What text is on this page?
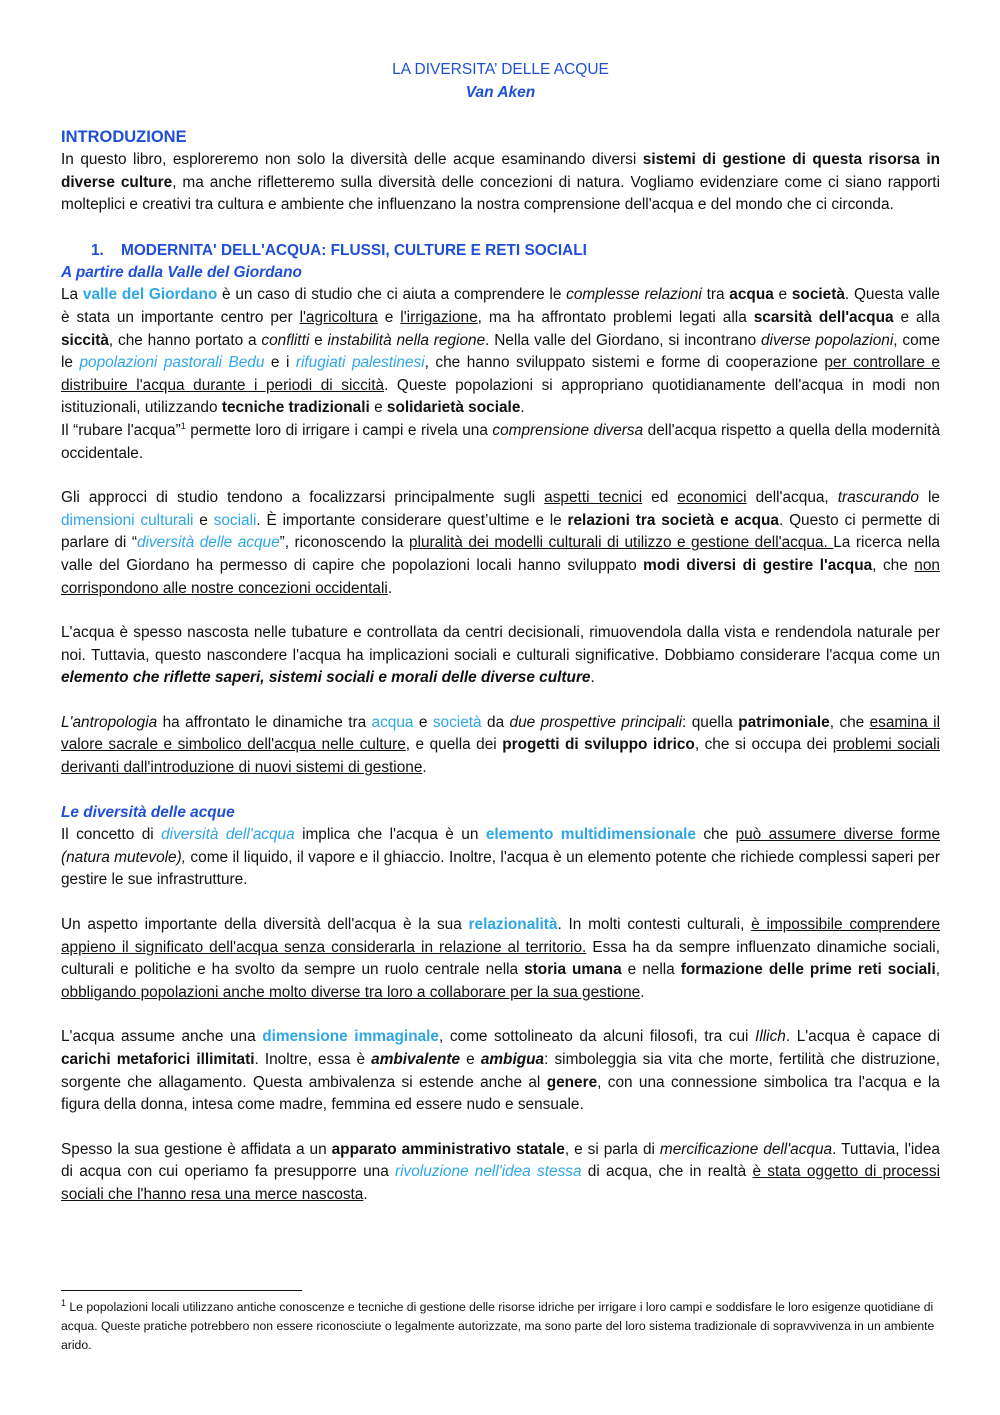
LA DIVERSITA’ DELLE ACQUE
Van Aken
INTRODUZIONE

In questo libro, esploreremo non solo la diversità delle acque esaminando diversi sistemi di gestione di questa risorsa in diverse culture, ma anche rifletteremo sulla diversità delle concezioni di natura. Vogliamo evidenziare come ci siano rapporti molteplici e creativi tra cultura e ambiente che influenzano la nostra comprensione dell'acqua e del mondo che ci circonda.

1. MODERNITA' DELL'ACQUA: FLUSSI, CULTURE E RETI SOCIALI
A partire dalla Valle del Giordano

La valle del Giordano è un caso di studio che ci aiuta a comprendere le complesse relazioni tra acqua e società. Questa valle è stata un importante centro per l'agricoltura e l'irrigazione, ma ha affrontato problemi legati alla scarsità dell'acqua e alla siccità, che hanno portato a conflitti e instabilità nella regione. Nella valle del Giordano, si incontrano diverse popolazioni, come le popolazioni pastorali Bedu e i rifugiati palestinesi, che hanno sviluppato sistemi e forme di cooperazione per controllare e distribuire l'acqua durante i periodi di siccità. Queste popolazioni si appropriano quotidianamente dell'acqua in modi non istituzionali, utilizzando tecniche tradizionali e solidarietà sociale.

Il “rubare l'acqua”$^1$ permette loro di irrigare i campi e rivela una comprensione diversa dell'acqua rispetto a quella della modernità occidentale.

Gli approcci di studio tendono a focalizzarsi principalmente sugli aspetti tecnici ed economici dell'acqua, trascurando le dimensioni culturali e sociali. È importante considerare quest’ultime e le relazioni tra società e acqua. Questo ci permette di parlare di “diversità delle acque”, riconoscendo la pluralità dei modelli culturali di utilizzo e gestione dell'acqua. La ricerca nella valle del Giordano ha permesso di capire che popolazioni locali hanno sviluppato modi diversi di gestire l'acqua, che non corrispondono alle nostre concezioni occidentali.

L'acqua è spesso nascosta nelle tubature e controllata da centri decisionali, rimuovendola dalla vista e rendendola naturale per noi. Tuttavia, questo nascondere l'acqua ha implicazioni sociali e culturali significative. Dobbiamo considerare l'acqua come un elemento che riflette saperi, sistemi sociali e morali delle diverse culture.

L'antropologia ha affrontato le dinamiche tra acqua e società da due prospettive principali: quella patrimoniale, che esamina il valore sacrale e simbolico dell'acqua nelle culture, e quella dei progetti di sviluppo idrico, che si occupa dei problemi sociali derivanti dall'introduzione di nuovi sistemi di gestione.

Le diversità delle acque

Il concetto di diversità dell'acqua implica che l'acqua è un elemento multidimensionale che può assumere diverse forme (natura mutevole), come il liquido, il vapore e il ghiaccio. Inoltre, l'acqua è un elemento potente che richiede complessi saperi per gestire le sue infrastrutture.

Un aspetto importante della diversità dell'acqua è la sua relazionalità. In molti contesti culturali, è impossibile comprendere appieno il significato dell'acqua senza considerarla in relazione al territorio. Essa ha da sempre influenzato dinamiche sociali, culturali e politiche e ha svolto da sempre un ruolo centrale nella storia umana e nella formazione delle prime reti sociali, obbligando popolazioni anche molto diverse tra loro a collaborare per la sua gestione.

L'acqua assume anche una dimensione immaginale, come sottolineato da alcuni filosofi, tra cui Illich. L'acqua è capace di carichi metaforici illimitati. Inoltre, essa è ambivalente e ambigua: simboleggia sia vita che morte, fertilità che distruzione, sorgente che allagamento. Questa ambivalenza si estende anche al genere, con una connessione simbolica tra l'acqua e la figura della donna, intesa come madre, femmina ed essere nudo e sensuale.

Spesso la sua gestione è affidata a un apparato amministrativo statale, e si parla di mercificazione dell'acqua. Tuttavia, l'idea di acqua con cui operiamo fa presupporre una rivoluzione nell'idea stessa di acqua, che in realtà è stata oggetto di processi sociali che l'hanno resa una merce nascosta.

$^1$ Le popolazioni locali utilizzano antiche conoscenze e tecniche di gestione delle risorse idriche per irrigare i loro campi e soddisfare le loro esigenze quotidiane di acqua. Queste pratiche potrebbero non essere riconosciute o legalmente autorizzate, ma sono parte del loro sistema tradizionale di sopravvivenza in un ambiente arido.
